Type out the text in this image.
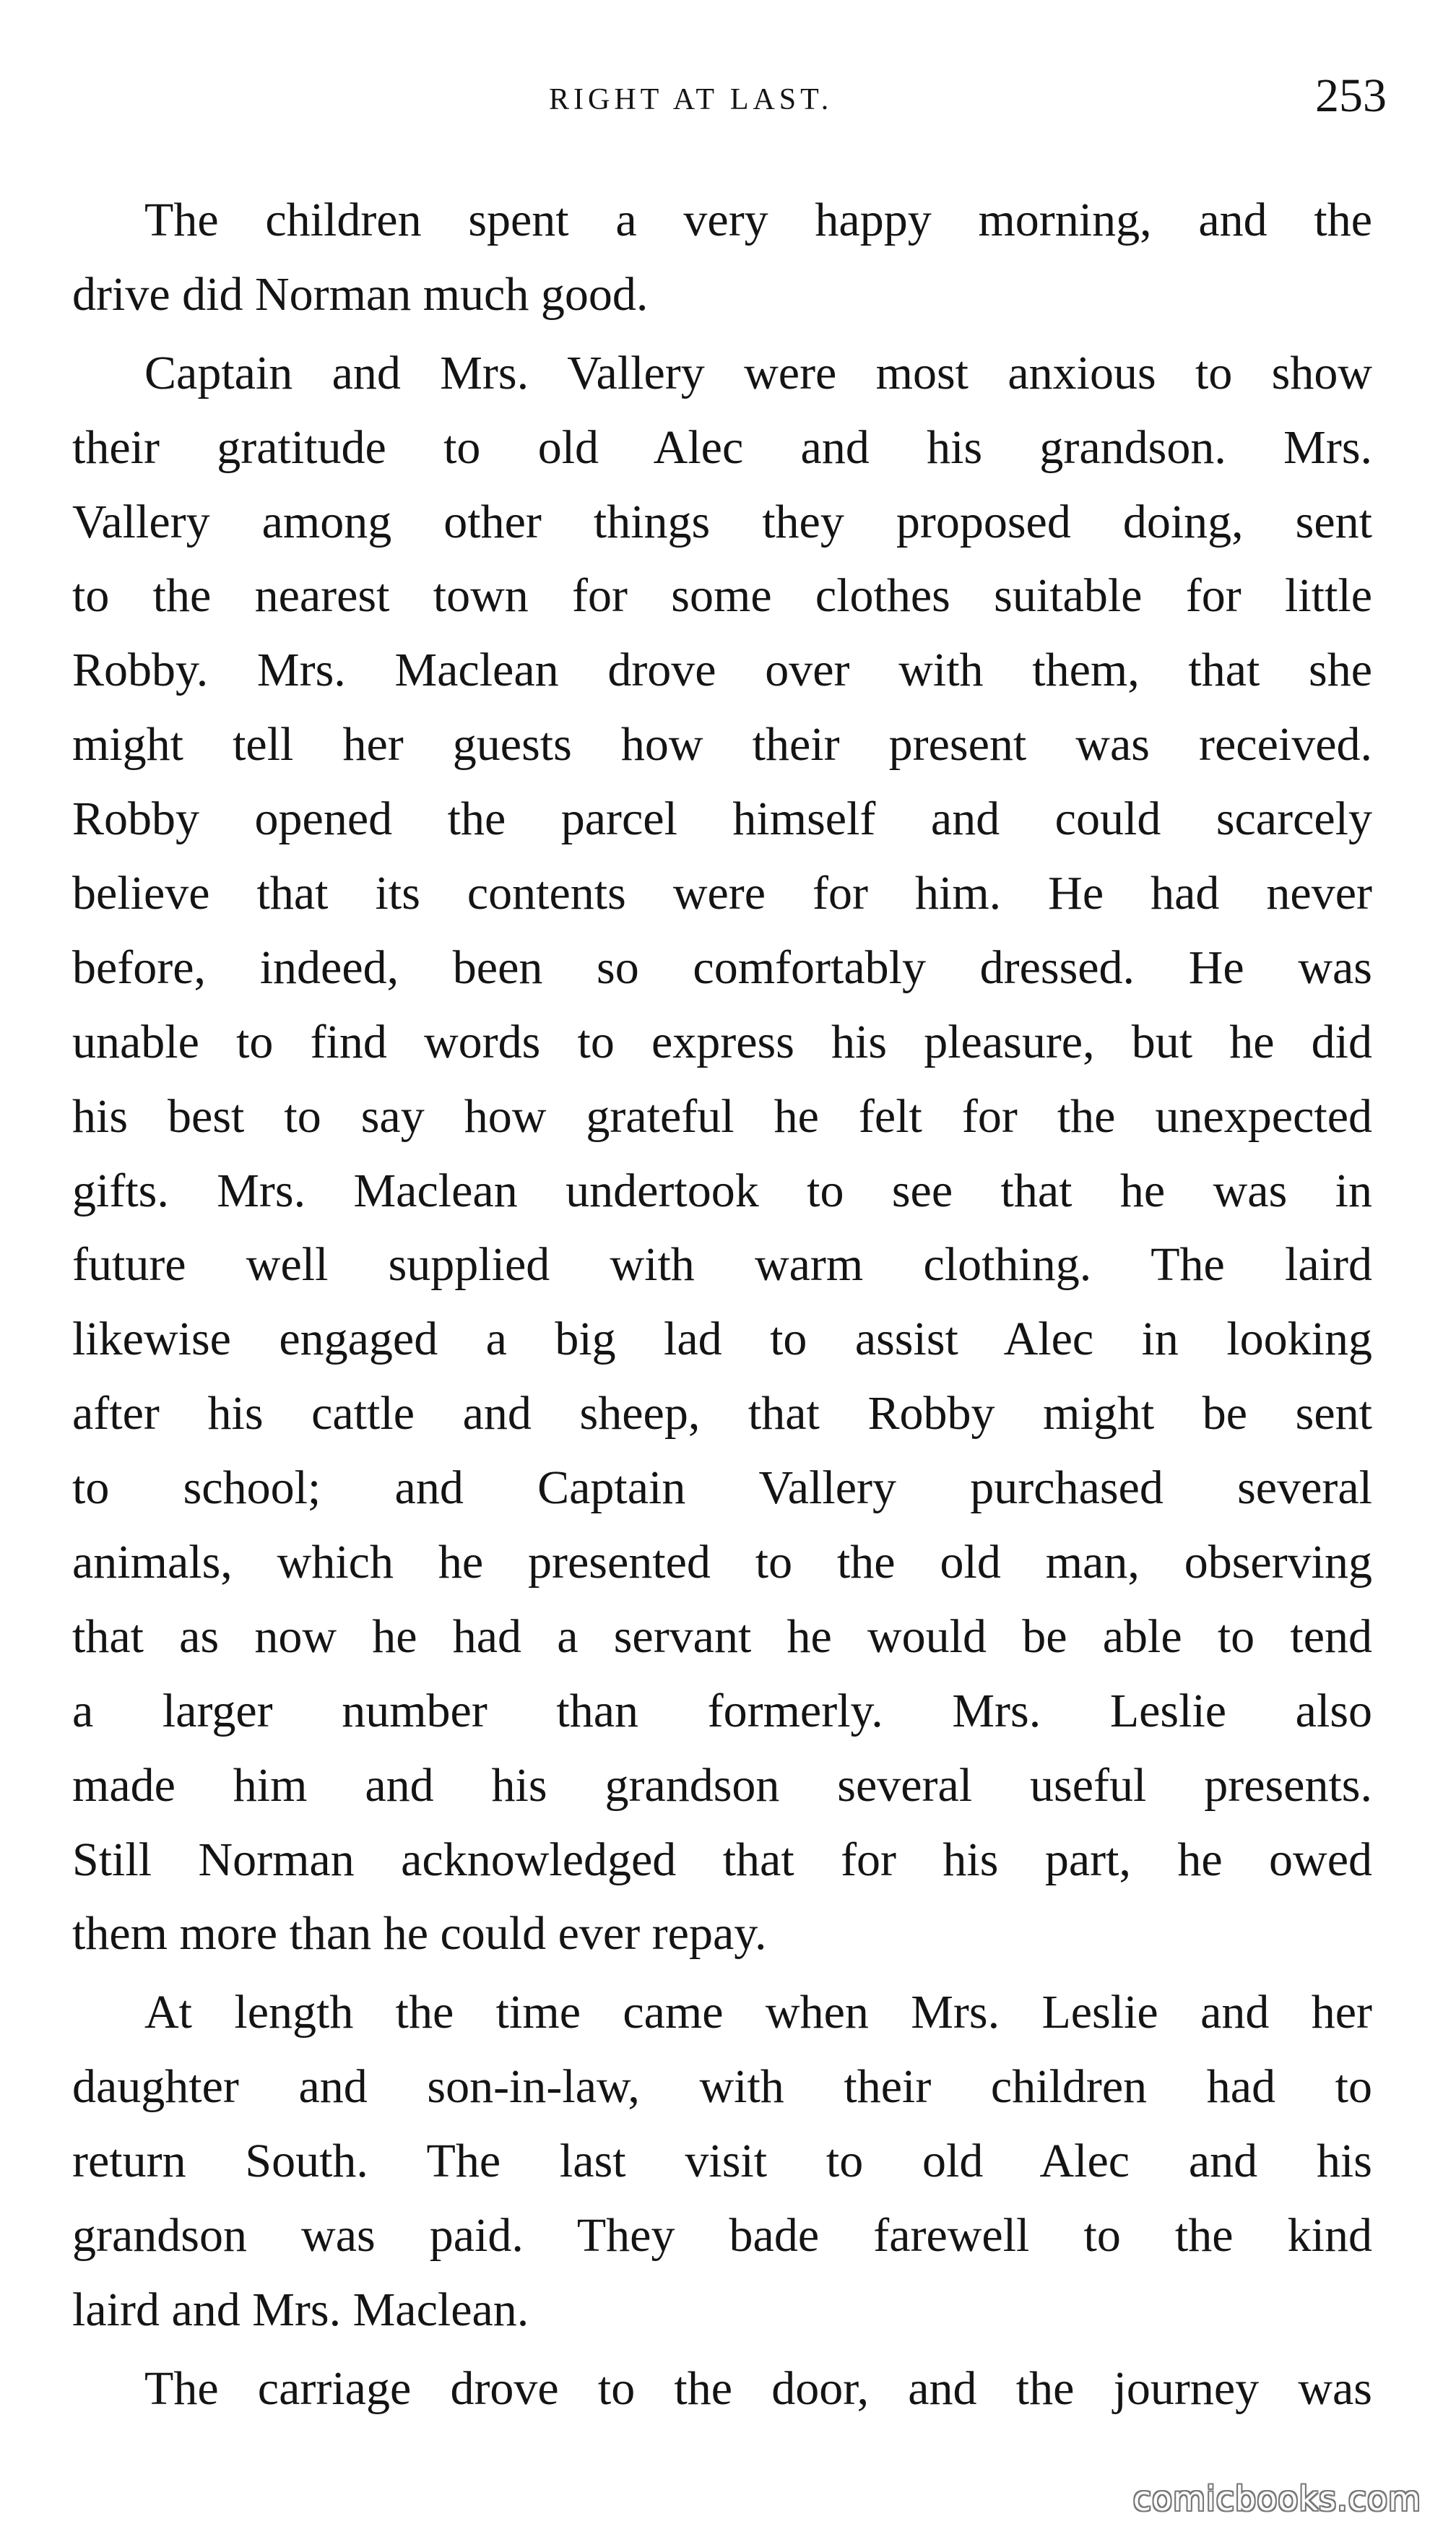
RIGHT AT LAST.	253
The children spent a very happy morning, and the
drive did Norman much good.
Captain and Mrs. Vallery were most anxious to show
their gratitude to old Alec and his grandson. Mrs.
Vallery among other things they proposed doing, sent
to the nearest town for some clothes suitable for little
Robby. Mrs. Maclean drove over with them, that she
might tell her guests how their present was received.
Robby opened the parcel himself and could scarcely
believe that its contents were for him. He had never
before, indeed, been so comfortably dressed. He was
unable to find words to express his pleasure, but he did
his best to say how grateful he felt for the unexpected
gifts. Mrs. Maclean undertook to see that he was in
future well supplied with warm clothing. The laird
likewise engaged a big lad to assist Alec in looking
after his cattle and sheep, that Robby might be sent
to school; and Captain Vallery purchased several
animals, which he presented to the old man, observing
that as now he had a servant he would be able to tend
a larger number than formerly. Mrs. Leslie also
made him and his grandson several useful presents.
Still Norman acknowledged that for his part, he owed
them more than he could ever repay.
At length the time came when Mrs. Leslie and her
daughter and son-in-law, with their children had to
return South. The last visit to old Alec and his
grandson was paid. They bade farewell to the kind
laird and Mrs. Maclean.
The carriage drove to the door, and the journey was
comicbooks.com
